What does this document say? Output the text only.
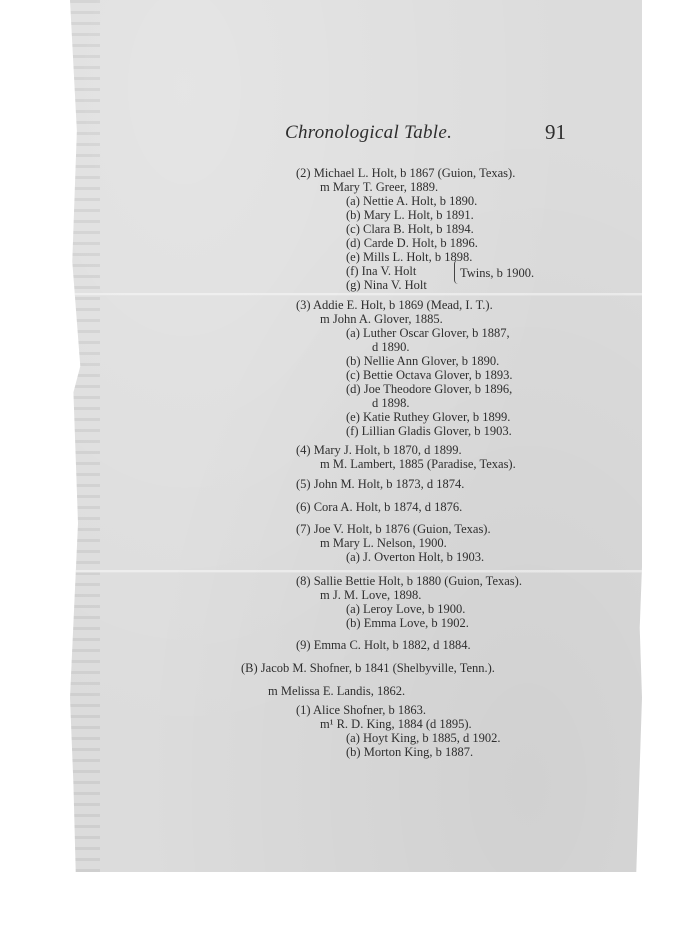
Chronological Table.	91
(2) Michael L. Holt, b 1867 (Guion, Texas).
m Mary T. Greer, 1889.
(a) Nettie A. Holt, b 1890.
(b) Mary L. Holt, b 1891.
(c) Clara B. Holt, b 1894.
(d) Carde D. Holt, b 1896.
(e) Mills L. Holt, b 1898.
(f) Ina V. Holt
(g) Nina V. Holt
Twins, b 1900.
(3) Addie E. Holt, b 1869 (Mead, I. T.).
m John A. Glover, 1885.
(a) Luther Oscar Glover, b 1887,
d 1890.
(b) Nellie Ann Glover, b 1890.
(c) Bettie Octava Glover, b 1893.
(d) Joe Theodore Glover, b 1896,
d 1898.
(e) Katie Ruthey Glover, b 1899.
(f) Lillian Gladis Glover, b 1903.
(4) Mary J. Holt, b 1870, d 1899.
m M. Lambert, 1885 (Paradise, Texas).
(5) John M. Holt, b 1873, d 1874.
(6) Cora A. Holt, b 1874, d 1876.
(7) Joe V. Holt, b 1876 (Guion, Texas).
m Mary L. Nelson, 1900.
(a) J. Overton Holt, b 1903.
(8) Sallie Bettie Holt, b 1880 (Guion, Texas).
m J. M. Love, 1898.
(a) Leroy Love, b 1900.
(b) Emma Love, b 1902.
(9) Emma C. Holt, b 1882, d 1884.
(B) Jacob M. Shofner, b 1841 (Shelbyville, Tenn.).
m Melissa E. Landis, 1862.
(1) Alice Shofner, b 1863.
m¹ R. D. King, 1884 (d 1895).
(a) Hoyt King, b 1885, d 1902.
(b) Morton King, b 1887.
